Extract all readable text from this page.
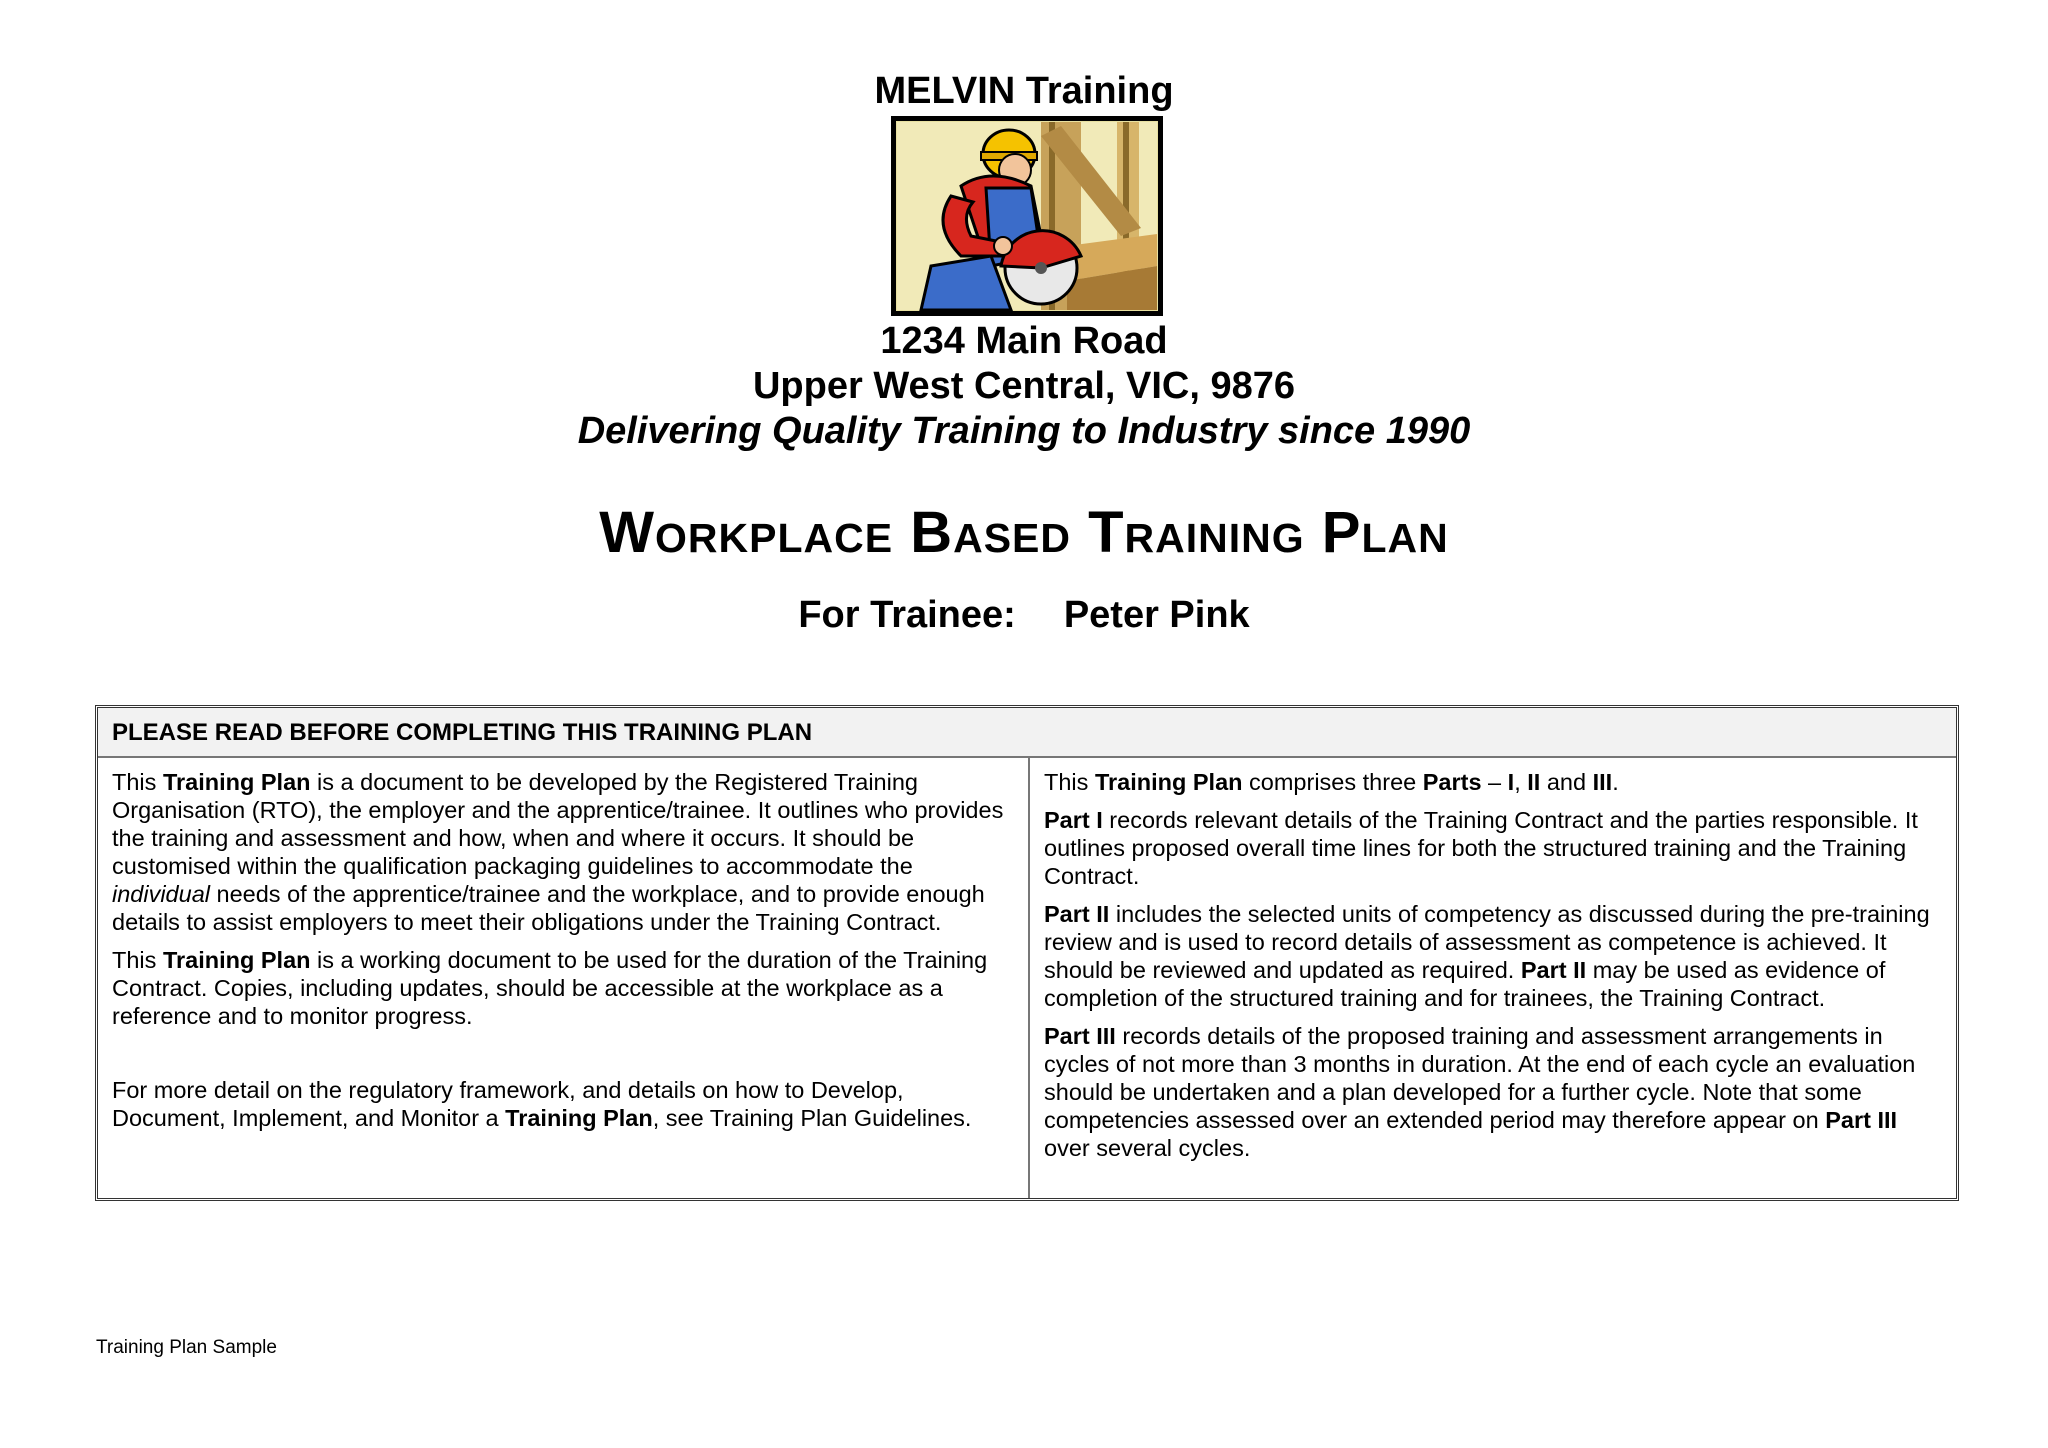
MELVIN Training
1234 Main Road
Upper West Central, VIC, 9876
Delivering Quality Training to Industry since 1990
Workplace Based Training Plan
For Trainee: Peter Pink
PLEASE READ BEFORE COMPLETING THIS TRAINING PLAN

This Training Plan is a document to be developed by the Registered Training Organisation (RTO), the employer and the apprentice/trainee. It outlines who provides the training and assessment and how, when and where it occurs. It should be customised within the qualification packaging guidelines to accommodate the individual needs of the apprentice/trainee and the workplace, and to provide enough details to assist employers to meet their obligations under the Training Contract.

This Training Plan is a working document to be used for the duration of the Training Contract. Copies, including updates, should be accessible at the workplace as a reference and to monitor progress.

For more detail on the regulatory framework, and details on how to Develop, Document, Implement, and Monitor a Training Plan, see Training Plan Guidelines.

This Training Plan comprises three Parts – I, II and III.

Part I records relevant details of the Training Contract and the parties responsible. It outlines proposed overall time lines for both the structured training and the Training Contract.

Part II includes the selected units of competency as discussed during the pre-training review and is used to record details of assessment as competence is achieved. It should be reviewed and updated as required. Part II may be used as evidence of completion of the structured training and for trainees, the Training Contract.

Part III records details of the proposed training and assessment arrangements in cycles of not more than 3 months in duration. At the end of each cycle an evaluation should be undertaken and a plan developed for a further cycle. Note that some competencies assessed over an extended period may therefore appear on Part III over several cycles.

Training Plan Sample
